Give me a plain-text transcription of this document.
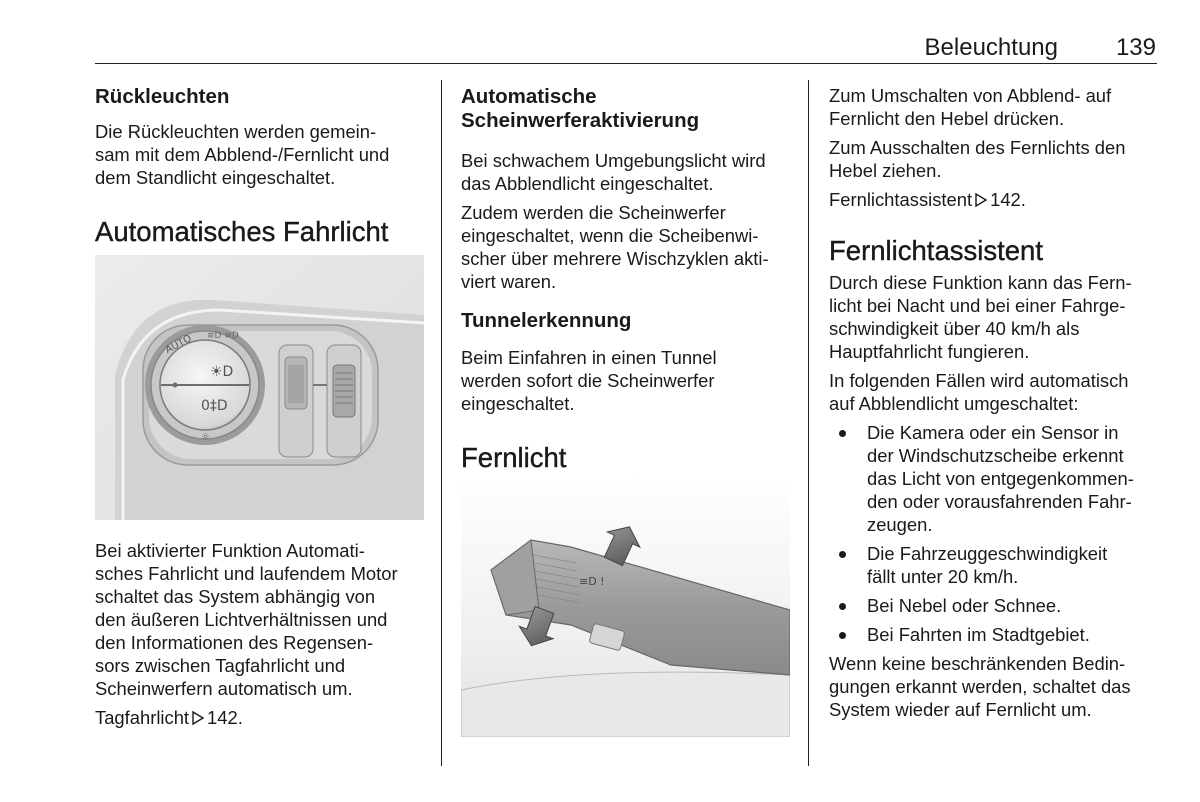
Beleuchtung 139
Rückleuchten

Die Rückleuchten werden gemein-
sam mit dem Abblend-/Fernlicht und
dem Standlicht eingeschaltet.

Automatisches Fahrlicht
☀D
0‡D
☼
AUTO ≡D ≡D

Bei aktivierter Funktion Automati-
sches Fahrlicht und laufendem Motor
schaltet das System abhängig von
den äußeren Lichtverhältnissen und
den Informationen des Regensen-
sors zwischen Tagfahrlicht und
Scheinwerfern automatisch um.

Tagfahrlicht 142.

Automatische
Scheinwerferaktivierung

Bei schwachem Umgebungslicht wird
das Abblendlicht eingeschaltet.

Zudem werden die Scheinwerfer
eingeschaltet, wenn die Scheibenwi-
scher über mehrere Wischzyklen akti-
viert waren.

Tunnelerkennung

Beim Einfahren in einen Tunnel
werden sofort die Scheinwerfer
eingeschaltet.

Fernlicht
≡D !

Zum Umschalten von Abblend- auf
Fernlicht den Hebel drücken.

Zum Ausschalten des Fernlichts den
Hebel ziehen.

Fernlichtassistent 142.

Fernlichtassistent

Durch diese Funktion kann das Fern-
licht bei Nacht und bei einer Fahrge-
schwindigkeit über 40 km/h als
Hauptfahrlicht fungieren.

In folgenden Fällen wird automatisch
auf Abblendlicht umgeschaltet:

Die Kamera oder ein Sensor in
der Windschutzscheibe erkennt
das Licht von entgegenkommen-
den oder vorausfahrenden Fahr-
zeugen.
Die Fahrzeuggeschwindigkeit
fällt unter 20 km/h.
Bei Nebel oder Schnee.
Bei Fahrten im Stadtgebiet.

Wenn keine beschränkenden Bedin-
gungen erkannt werden, schaltet das
System wieder auf Fernlicht um.
